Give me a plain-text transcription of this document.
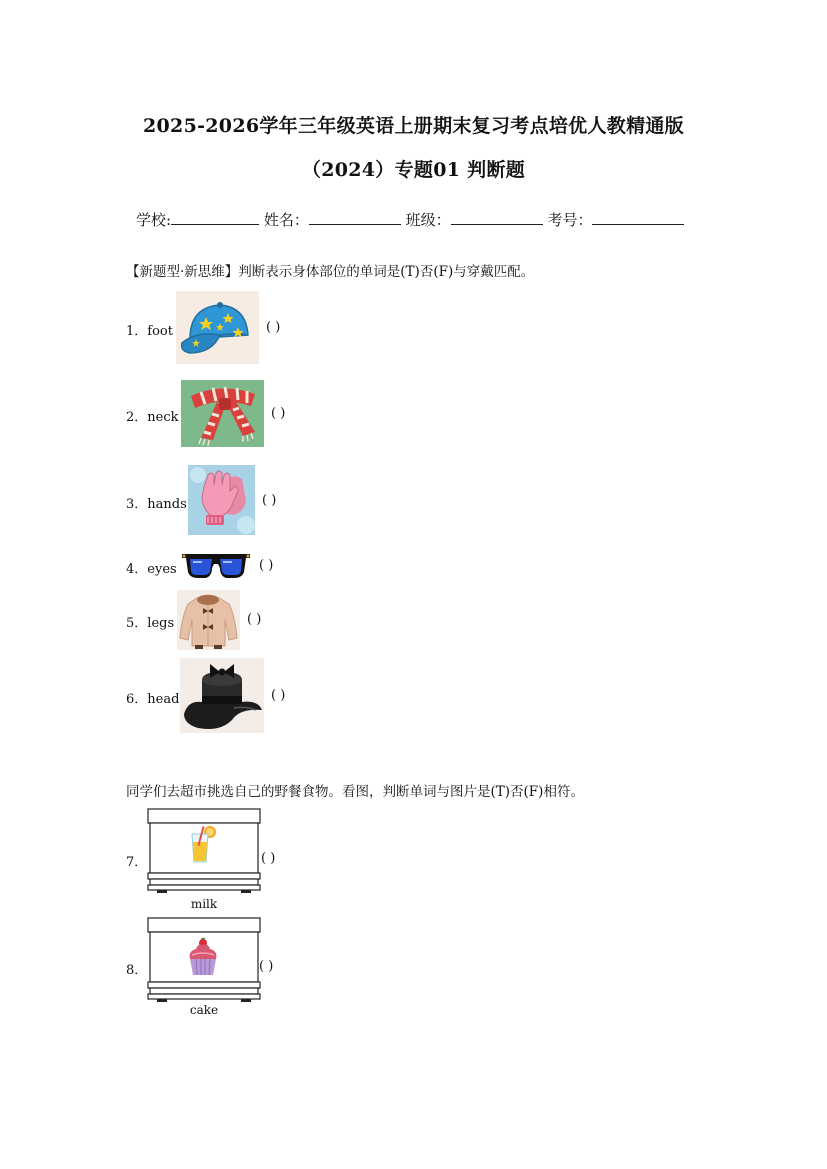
2025-2026学年三年级英语上册期末复习考点培优人教精通版
（2024）专题01 判断题
学校:	姓名：	班级：	考号：
【新题型·新思维】判断表示身体部位的单词是(T)否(F)与穿戴匹配。
1．foot	( )
2．neck	( )
3．hands	( )
4．eyes	( )
5．legs	( )
6．head	( )
同学们去超市挑选自己的野餐食物。看图，判断单词与图片是(T)否(F)相符。
7．	( )
milk
8．	( )
cake
